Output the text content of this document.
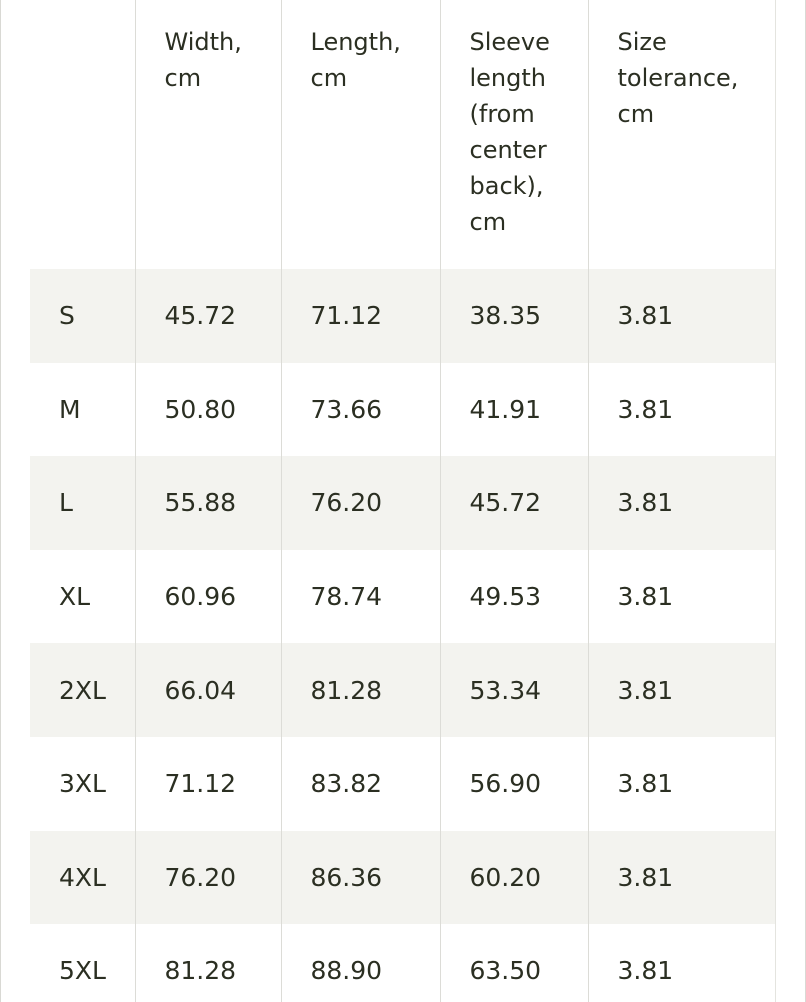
	Width, cm	Length, cm	Sleeve length (from center back), cm	Size tolerance, cm
S	45.72	71.12	38.35	3.81
M	50.80	73.66	41.91	3.81
L	55.88	76.20	45.72	3.81
XL	60.96	78.74	49.53	3.81
2XL	66.04	81.28	53.34	3.81
3XL	71.12	83.82	56.90	3.81
4XL	76.20	86.36	60.20	3.81
5XL	81.28	88.90	63.50	3.81
